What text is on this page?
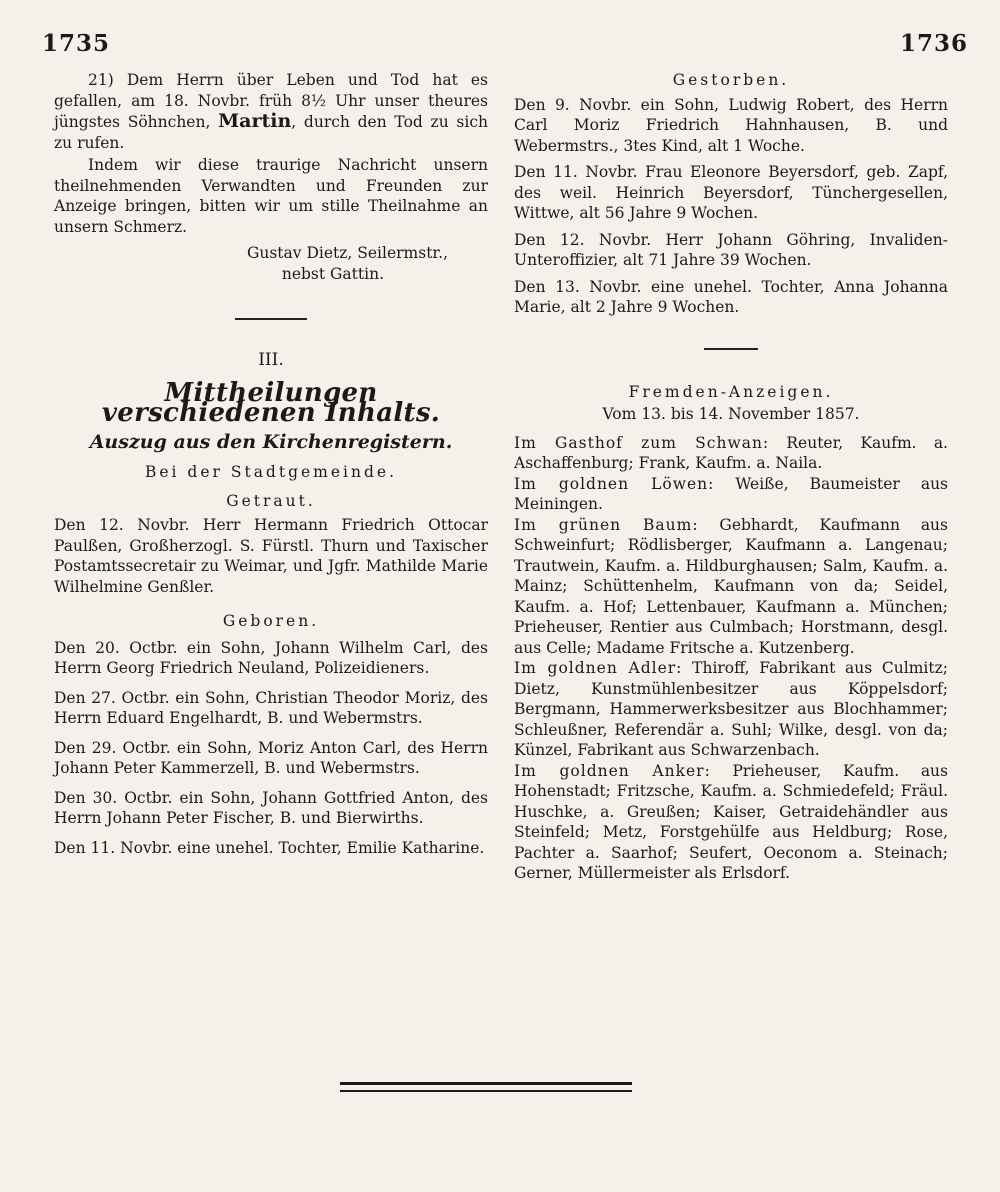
1735	1736

21) Dem Herrn über Leben und Tod hat es gefallen, am 18. Novbr. früh 8½ Uhr unser theures jüngstes Söhnchen, Martin, durch den Tod zu sich zu rufen.

Indem wir diese traurige Nachricht unsern theilnehmenden Verwandten und Freunden zur Anzeige bringen, bitten wir um stille Theilnahme an unsern Schmerz.

Gustav Dietz, Seilermstr.,

nebst Gattin.

III.
Mittheilungen verschiedenen Inhalts.
Auszug aus den Kirchenregistern.
Bei der Stadtgemeinde.
Getraut.

Den 12. Novbr. Herr Hermann Friedrich Ottocar Paulßen, Großherzogl. S. Fürstl. Thurn und Taxischer Postamtssecretair zu Weimar, und Jgfr. Mathilde Marie Wilhelmine Genßler.

Geboren.

Den 20. Octbr. ein Sohn, Johann Wilhelm Carl, des Herrn Georg Friedrich Neuland, Polizeidieners.

Den 27. Octbr. ein Sohn, Christian Theodor Moriz, des Herrn Eduard Engelhardt, B. und Webermstrs.

Den 29. Octbr. ein Sohn, Moriz Anton Carl, des Herrn Johann Peter Kammerzell, B. und Webermstrs.

Den 30. Octbr. ein Sohn, Johann Gottfried Anton, des Herrn Johann Peter Fischer, B. und Bierwirths.

Den 11. Novbr. eine unehel. Tochter, Emilie Katharine.

Gestorben.

Den 9. Novbr. ein Sohn, Ludwig Robert, des Herrn Carl Moriz Friedrich Hahnhausen, B. und Webermstrs., 3tes Kind, alt 1 Woche.

Den 11. Novbr. Frau Eleonore Beyersdorf, geb. Zapf, des weil. Heinrich Beyersdorf, Tünchergesellen, Wittwe, alt 56 Jahre 9 Wochen.

Den 12. Novbr. Herr Johann Göhring, Invaliden-Unteroffizier, alt 71 Jahre 39 Wochen.

Den 13. Novbr. eine unehel. Tochter, Anna Johanna Marie, alt 2 Jahre 9 Wochen.

Fremden-Anzeigen.
Vom 13. bis 14. November 1857.

Im Gasthof zum Schwan: Reuter, Kaufm. a. Aschaffenburg; Frank, Kaufm. a. Naila.

Im goldnen Löwen: Weiße, Baumeister aus Meiningen.

Im grünen Baum: Gebhardt, Kaufmann aus Schweinfurt; Rödlisberger, Kaufmann a. Langenau; Trautwein, Kaufm. a. Hildburghausen; Salm, Kaufm. a. Mainz; Schüttenhelm, Kaufmann von da; Seidel, Kaufm. a. Hof; Lettenbauer, Kaufmann a. München; Prieheuser, Rentier aus Culmbach; Horstmann, desgl. aus Celle; Madame Fritsche a. Kutzenberg.

Im goldnen Adler: Thiroff, Fabrikant aus Culmitz; Dietz, Kunstmühlenbesitzer aus Köppelsdorf; Bergmann, Hammerwerksbesitzer aus Blochhammer; Schleußner, Referendär a. Suhl; Wilke, desgl. von da; Künzel, Fabrikant aus Schwarzenbach.

Im goldnen Anker: Prieheuser, Kaufm. aus Hohenstadt; Fritzsche, Kaufm. a. Schmiedefeld; Fräul. Huschke, a. Greußen; Kaiser, Getraidehändler aus Steinfeld; Metz, Forstgehülfe aus Heldburg; Rose, Pachter a. Saarhof; Seufert, Oeconom a. Steinach; Gerner, Müllermeister als Erlsdorf.
